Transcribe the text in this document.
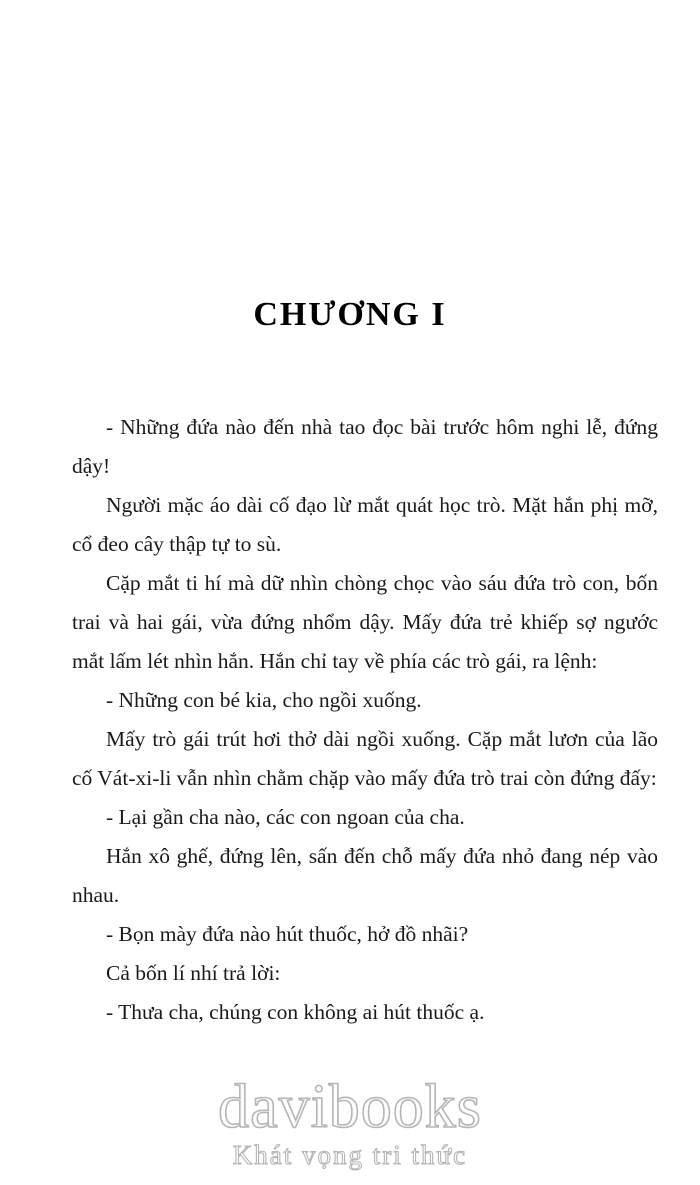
CHƯƠNG I

- Những đứa nào đến nhà tao đọc bài trước hôm nghi lễ, đứng dậy!

Người mặc áo dài cố đạo lừ mắt quát học trò. Mặt hắn phị mỡ, cổ đeo cây thập tự to sù.

Cặp mắt ti hí mà dữ nhìn chòng chọc vào sáu đứa trò con, bốn trai và hai gái, vừa đứng nhổm dậy. Mấy đứa trẻ khiếp sợ ngước mắt lấm lét nhìn hắn. Hắn chỉ tay về phía các trò gái, ra lệnh:

- Những con bé kia, cho ngồi xuống.

Mấy trò gái trút hơi thở dài ngồi xuống. Cặp mắt lươn của lão cố Vát-xi-li vẫn nhìn chằm chặp vào mấy đứa trò trai còn đứng đấy:

- Lại gần cha nào, các con ngoan của cha.

Hắn xô ghế, đứng lên, sấn đến chỗ mấy đứa nhỏ đang nép vào nhau.

- Bọn mày đứa nào hút thuốc, hở đồ nhãi?

Cả bốn lí nhí trả lời:

- Thưa cha, chúng con không ai hút thuốc ạ.

davibooks
Khát vọng tri thức
